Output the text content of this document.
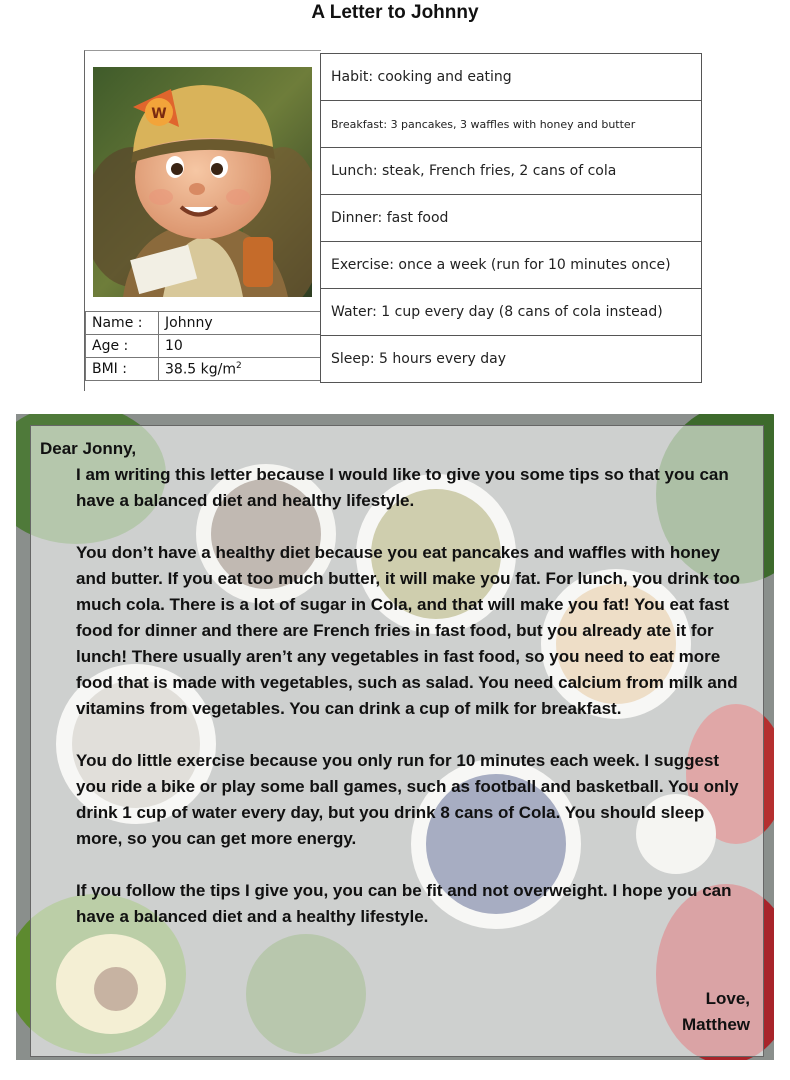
A Letter to Johnny
W
Name :	Johnny
Age :	10
BMI :	38.5 $kg/m^2$
Habit: cooking and eating
Breakfast: 3 pancakes, 3 waffles with honey and butter
Lunch: steak, French fries, 2 cans of cola
Dinner: fast food
Exercise: once a week (run for 10 minutes once)
Water: 1 cup every day (8 cans of cola instead)
Sleep: 5 hours every day
Dear Jonny,

I am writing this letter because I would like to give you some tips so that you can have a balanced diet and healthy lifestyle.

You don’t have a healthy diet because you eat pancakes and waffles with honey and butter. If you eat too much butter, it will make you fat. For lunch, you drink too much cola. There is a lot of sugar in Cola, and that will make you fat! You eat fast food for dinner and there are French fries in fast food, but you already ate it for lunch! There usually aren’t any vegetables in fast food, so you need to eat more food that is made with vegetables, such as salad. You need calcium from milk and vitamins from vegetables. You can drink a cup of milk for breakfast.

You do little exercise because you only run for 10 minutes each week. I suggest you ride a bike or play some ball games, such as football and basketball. You only drink 1 cup of water every day, but you drink 8 cans of Cola. You should sleep more, so you can get more energy.

If you follow the tips I give you, you can be fit and not overweight. I hope you can have a balanced diet and a healthy lifestyle.

Love,
Matthew
